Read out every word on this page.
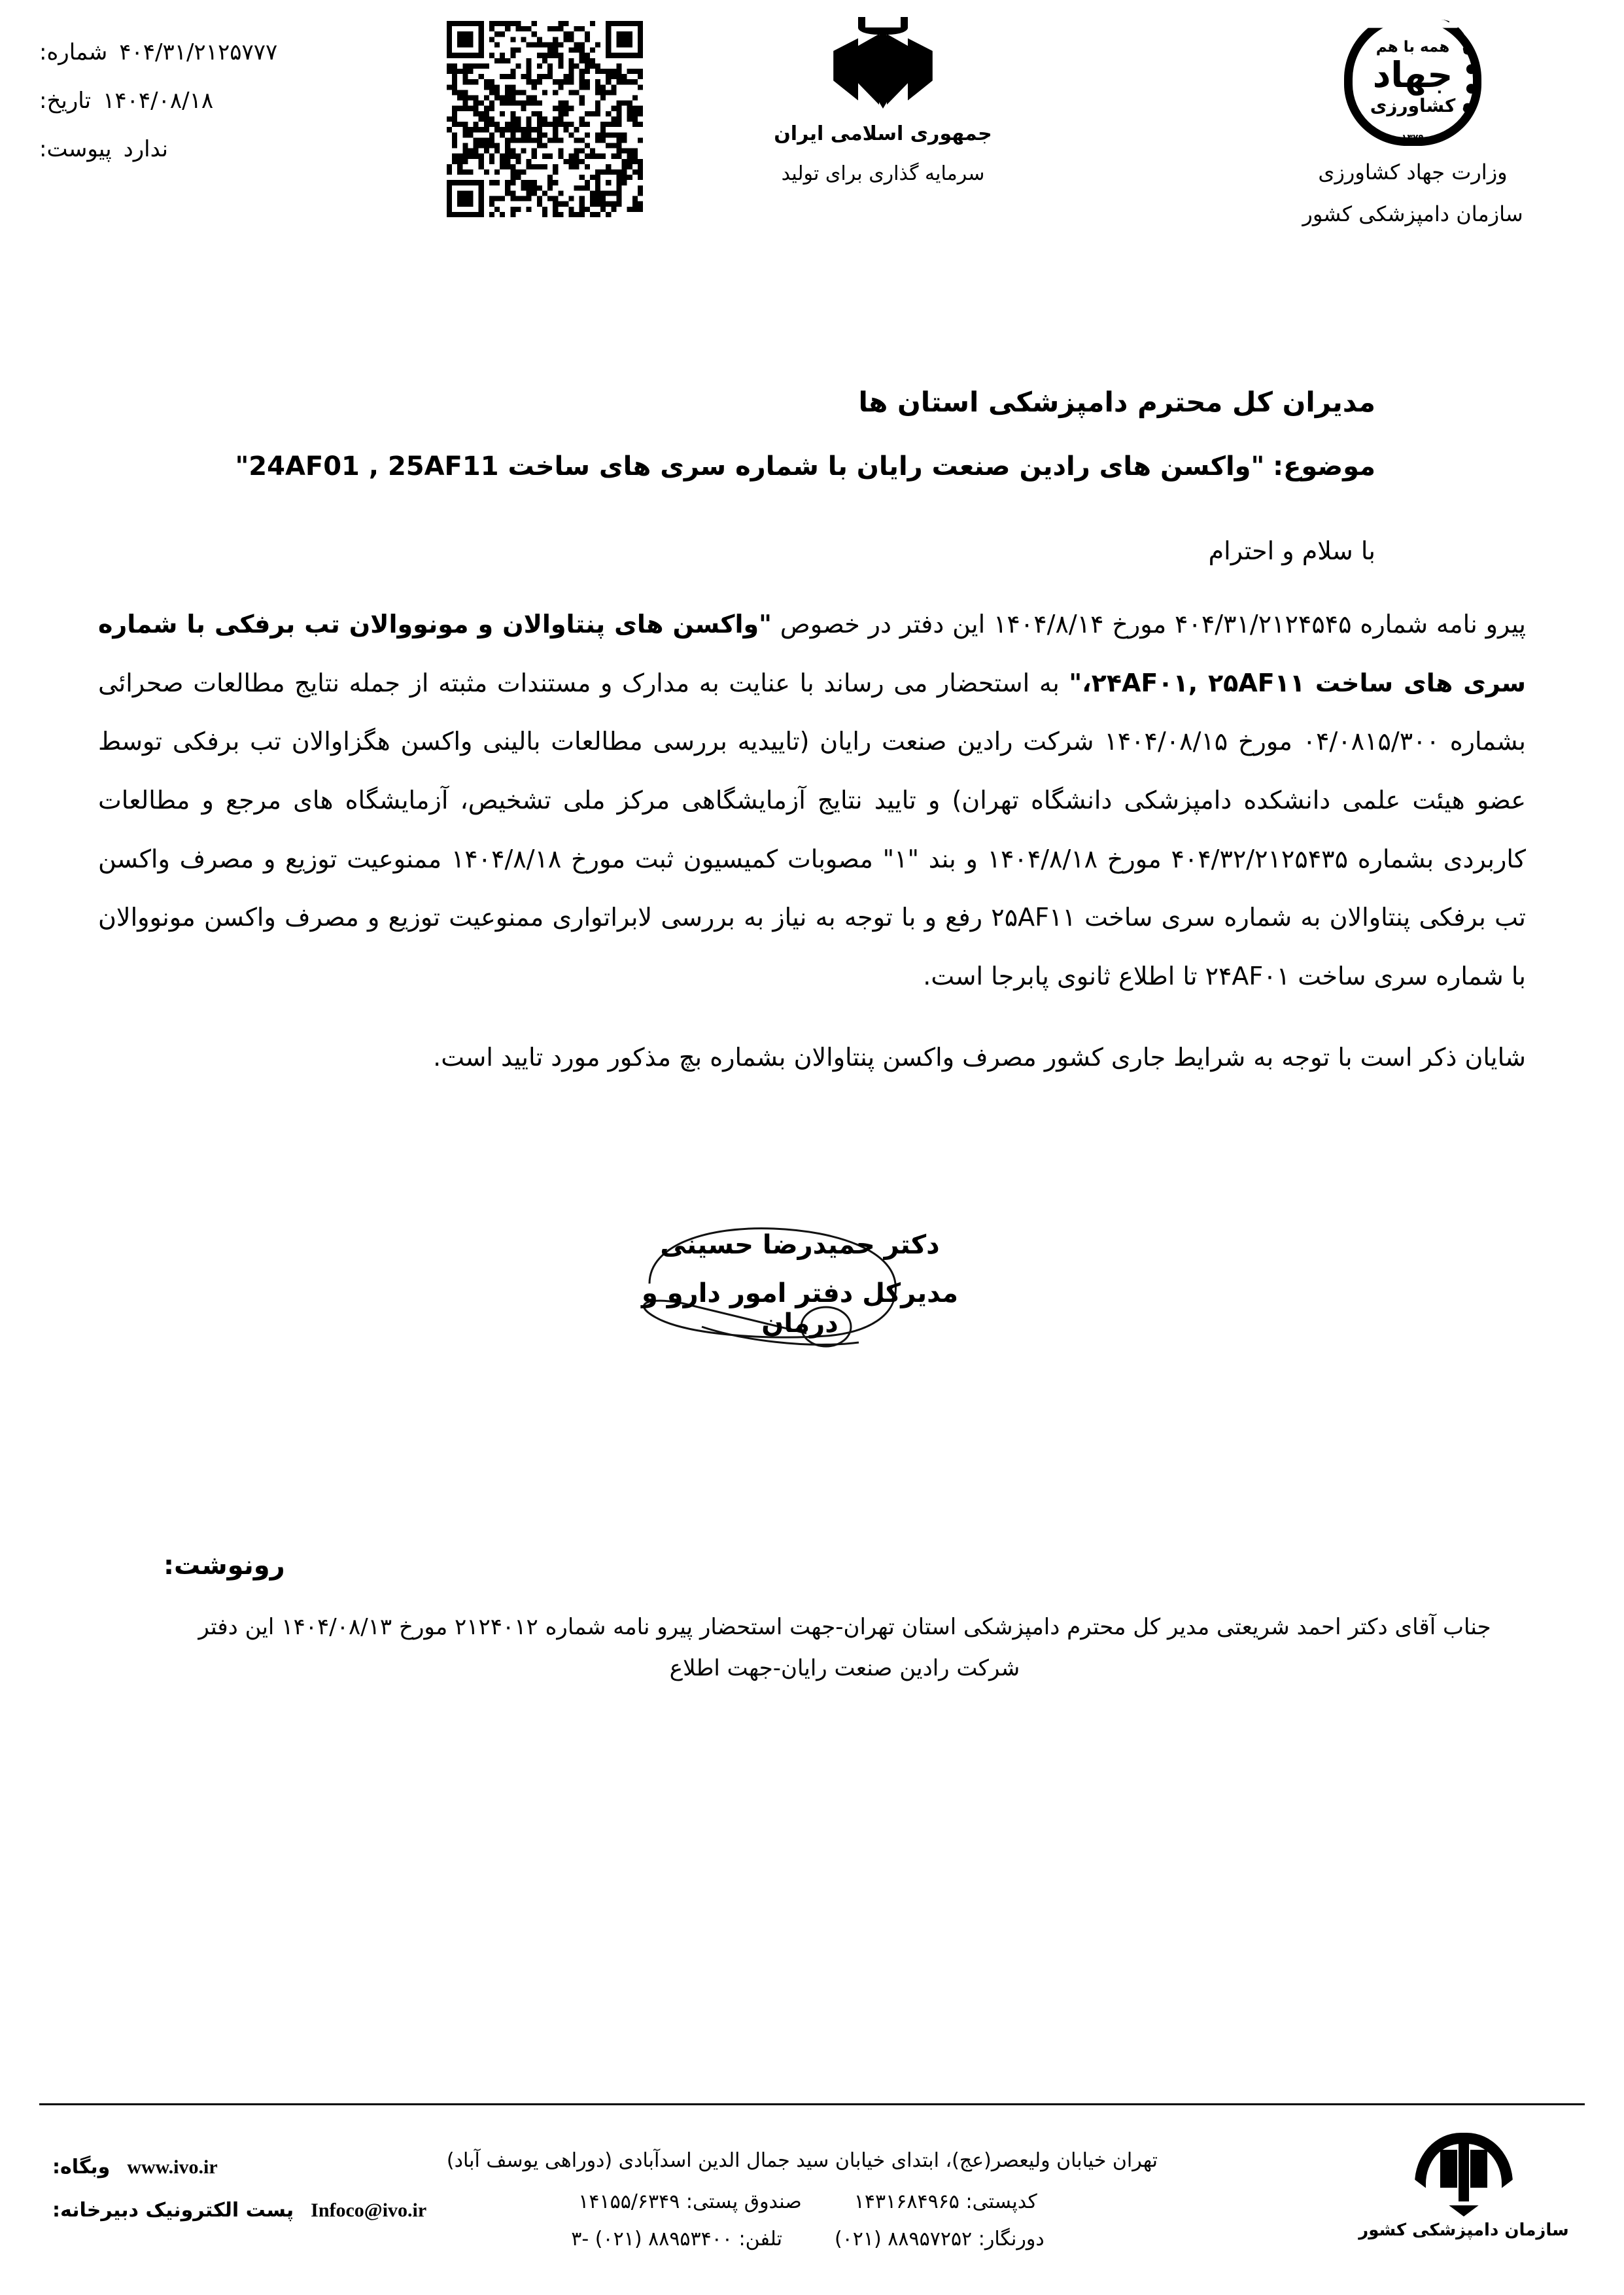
۴۰۴/۳۱/۲۱۲۵۷۷۷
شماره:
۱۴۰۴/۰۸/۱۸
تاریخ:
ندارد
پیوست:
جمهوری اسلامی ایران
سرمایه گذاری برای تولید
همه با هم
جهاد
کشاورزی
۱۳۷۹
وزارت جهاد کشاورزی
سازمان دامپزشکی کشور
مدیران کل محترم دامپزشکی استان ها
موضوع: "واکسن های رادین صنعت رایان با شماره سری های ساخت 24AF01 , 25AF11"
با سلام و احترام

پیرو نامه شماره ۴۰۴/۳۱/۲۱۲۴۵۴۵ مورخ ۱۴۰۴/۸/۱۴ این دفتر در خصوص "واکسن های پنتاوالان و مونووالان تب برفکی با شماره سری های ساخت ۲۴AF۰۱, ۲۵AF۱۱،" به استحضار می رساند با عنایت به مدارک و مستندات مثبته از جمله نتایج مطالعات صحرائی بشماره ۰۴/۰۸۱۵/۳۰۰ مورخ ۱۴۰۴/۰۸/۱۵ شرکت رادین صنعت رایان (تاییدیه بررسی مطالعات بالینی واکسن هگزاوالان تب برفکی توسط عضو هیئت علمی دانشکده دامپزشکی دانشگاه تهران) و تایید نتایج آزمایشگاهی مرکز ملی تشخیص، آزمایشگاه های مرجع و مطالعات کاربردی بشماره ۴۰۴/۳۲/۲۱۲۵۴۳۵ مورخ ۱۴۰۴/۸/۱۸ و بند "۱" مصوبات کمیسیون ثبت مورخ ۱۴۰۴/۸/۱۸ ممنوعیت توزیع و مصرف واکسن تب برفکی پنتاوالان به شماره سری ساخت ۲۵AF۱۱ رفع و با توجه به نیاز به بررسی لابراتواری ممنوعیت توزیع و مصرف واکسن مونووالان با شماره سری ساخت ۲۴AF۰۱ تا اطلاع ثانوی پابرجا است.

شایان ذکر است با توجه به شرایط جاری کشور مصرف واکسن پنتاوالان بشماره بچ مذکور مورد تایید است.
دکتر حمیدرضا حسینی
مدیرکل دفتر امور دارو و درمان
رونوشت:
جناب آقای دکتر احمد شریعتی مدیر کل محترم دامپزشکی استان تهران-جهت استحضار پیرو نامه شماره ۲۱۲۴۰۱۲ مورخ ۱۴۰۴/۰۸/۱۳ این دفتر
شرکت رادین صنعت رایان-جهت اطلاع
سازمان دامپزشکی کشور
تهران خیابان ولیعصر(عج)، ابتدای خیابان سید جمال الدین اسدآبادی (دوراهی یوسف آباد)
کدپستی: ۱۴۳۱۶۸۴۹۶۵
صندوق پستی: ۱۴۱۵۵/۶۳۴۹
دورنگار: ۸۸۹۵۷۲۵۲ (۰۲۱)
تلفن: ۸۸۹۵۳۴۰۰ (۰۲۱) -۳
www.ivo.ir
وبگاه:
Infoco@ivo.ir
پست الکترونیک دبیرخانه:
